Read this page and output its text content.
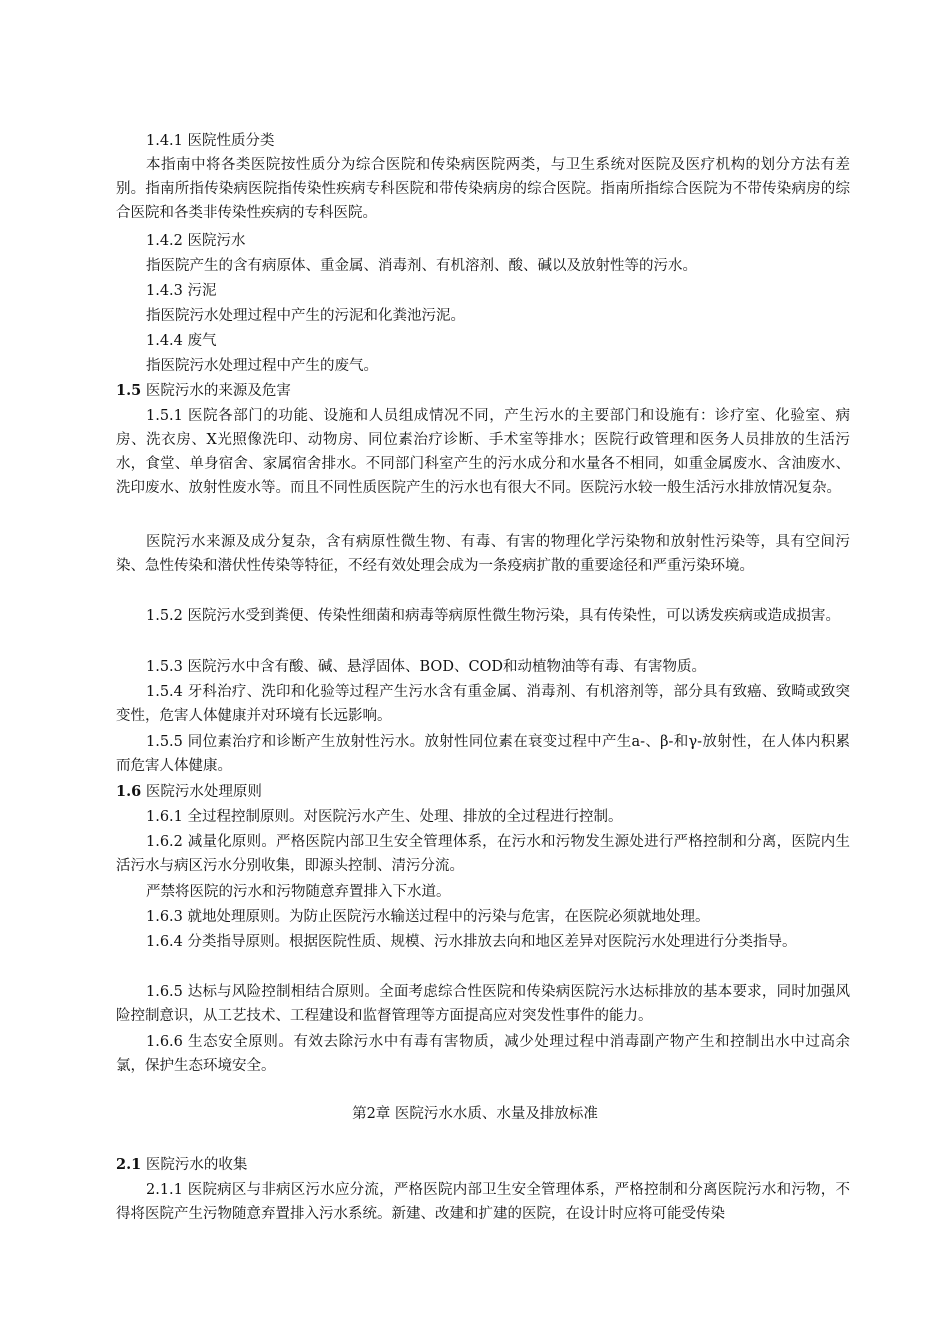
1.4.1 医院性质分类

本指南中将各类医院按性质分为综合医院和传染病医院两类，与卫生系统对医院及医疗机构的划分方法有差别。指南所指传染病医院指传染性疾病专科医院和带传染病房的综合医院。指南所指综合医院为不带传染病房的综合医院和各类非传染性疾病的专科医院。

1.4.2 医院污水

指医院产生的含有病原体、重金属、消毒剂、有机溶剂、酸、碱以及放射性等的污水。

1.4.3 污泥

指医院污水处理过程中产生的污泥和化粪池污泥。

1.4.4 废气

指医院污水处理过程中产生的废气。

1.5 医院污水的来源及危害

1.5.1 医院各部门的功能、设施和人员组成情况不同，产生污水的主要部门和设施有：诊疗室、化验室、病房、洗衣房、X光照像洗印、动物房、同位素治疗诊断、手术室等排水；医院行政管理和医务人员排放的生活污水，食堂、单身宿舍、家属宿舍排水。不同部门科室产生的污水成分和水量各不相同，如重金属废水、含油废水、洗印废水、放射性废水等。而且不同性质医院产生的污水也有很大不同。医院污水较一般生活污水排放情况复杂。

医院污水来源及成分复杂，含有病原性微生物、有毒、有害的物理化学污染物和放射性污染等，具有空间污染、急性传染和潜伏性传染等特征，不经有效处理会成为一条疫病扩散的重要途径和严重污染环境。

1.5.2 医院污水受到粪便、传染性细菌和病毒等病原性微生物污染，具有传染性，可以诱发疾病或造成损害。

1.5.3 医院污水中含有酸、碱、悬浮固体、BOD、COD和动植物油等有毒、有害物质。

1.5.4 牙科治疗、洗印和化验等过程产生污水含有重金属、消毒剂、有机溶剂等，部分具有致癌、致畸或致突变性，危害人体健康并对环境有长远影响。

1.5.5 同位素治疗和诊断产生放射性污水。放射性同位素在衰变过程中产生a-、β-和γ-放射性，在人体内积累而危害人体健康。

1.6 医院污水处理原则

1.6.1 全过程控制原则。对医院污水产生、处理、排放的全过程进行控制。

1.6.2 减量化原则。严格医院内部卫生安全管理体系，在污水和污物发生源处进行严格控制和分离，医院内生活污水与病区污水分别收集，即源头控制、清污分流。

严禁将医院的污水和污物随意弃置排入下水道。

1.6.3 就地处理原则。为防止医院污水输送过程中的污染与危害，在医院必须就地处理。

1.6.4 分类指导原则。根据医院性质、规模、污水排放去向和地区差异对医院污水处理进行分类指导。

1.6.5 达标与风险控制相结合原则。全面考虑综合性医院和传染病医院污水达标排放的基本要求，同时加强风险控制意识，从工艺技术、工程建设和监督管理等方面提高应对突发性事件的能力。

1.6.6 生态安全原则。有效去除污水中有毒有害物质，减少处理过程中消毒副产物产生和控制出水中过高余氯，保护生态环境安全。

第2章 医院污水水质、水量及排放标准

2.1 医院污水的收集

2.1.1 医院病区与非病区污水应分流，严格医院内部卫生安全管理体系，严格控制和分离医院污水和污物，不得将医院产生污物随意弃置排入污水系统。新建、改建和扩建的医院，在设计时应将可能受传染
